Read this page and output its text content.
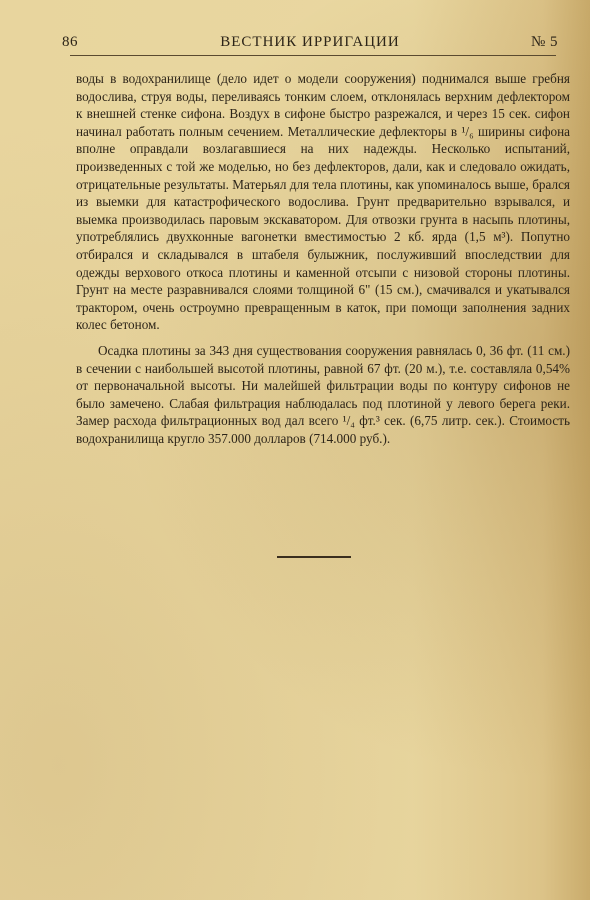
86	ВЕСТНИК ИРРИГАЦИИ	№ 5

воды в водохранилище (дело идет о модели сооружения) поднимался выше гребня водослива, струя воды, переливаясь тонким слоем, отклонялась верхним дефлектором к внешней стенке сифона. Воздух в сифоне быстро разрежался, и через 15 сек. сифон начинал работать полным сечением. Металлические дефлекторы в ¹/₆ ширины сифона вполне оправдали возлагавшиеся на них надежды. Несколько испытаний, произведенных с той же моделью, но без дефлекторов, дали, как и следовало ожидать, отрицательные результаты. Матерьял для тела плотины, как упоминалось выше, брался из выемки для катастрофического водослива. Грунт предварительно взрывался, и выемка производилась паровым экскаватором. Для отвозки грунта в насыпь плотины, употреблялись двухконные вагонетки вместимостью 2 кб. ярда (1,5 м³). Попутно отбирался и складывался в штабеля булыжник, послуживший впоследствии для одежды верхового откоса плотины и каменной отсыпи с низовой стороны плотины. Грунт на месте разравнивался слоями толщиной 6" (15 см.), смачивался и укатывался трактором, очень остроумно превращенным в каток, при помощи заполнения задних колес бетоном.

Осадка плотины за 343 дня существования сооружения равнялась 0, 36 фт. (11 см.) в сечении с наибольшей высотой плотины, равной 67 фт. (20 м.), т.е. составляла 0,54% от первоначальной высоты. Ни малейшей фильтрации воды по контуру сифонов не было замечено. Слабая фильтрация наблюдалась под плотиной у левого берега реки. Замер расхода фильтрационных вод дал всего ¹/₄ фт.³ сек. (6,75 литр. сек.). Стоимость водохранилища кругло 357.000 долларов (714.000 руб.).
